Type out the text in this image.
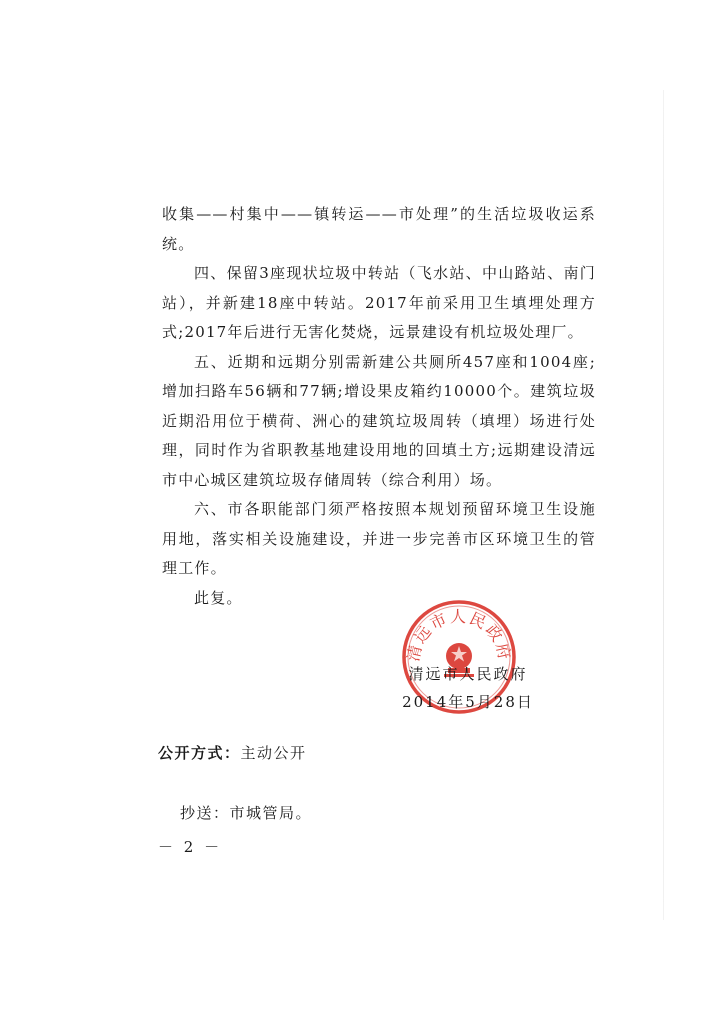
收集——村集中——镇转运——市处理”的生活垃圾收运系统。

四、保留3座现状垃圾中转站（飞水站、中山路站、南门站），并新建18座中转站。2017年前采用卫生填埋处理方式;2017年后进行无害化焚烧，远景建设有机垃圾处理厂。

五、近期和远期分别需新建公共厕所457座和1004座;增加扫路车56辆和77辆;增设果皮箱约10000个。建筑垃圾近期沿用位于横荷、洲心的建筑垃圾周转（填埋）场进行处理，同时作为省职教基地建设用地的回填土方;远期建设清远市中心城区建筑垃圾存储周转（综合利用）场。

六、市各职能部门须严格按照本规划预留环境卫生设施用地，落实相关设施建设，并进一步完善市区环境卫生的管理工作。

此复。

清远市人民政府
清远市人民政府
2014年5月28日
公开方式：主动公开
抄送：市城管局。
－ 2 －
